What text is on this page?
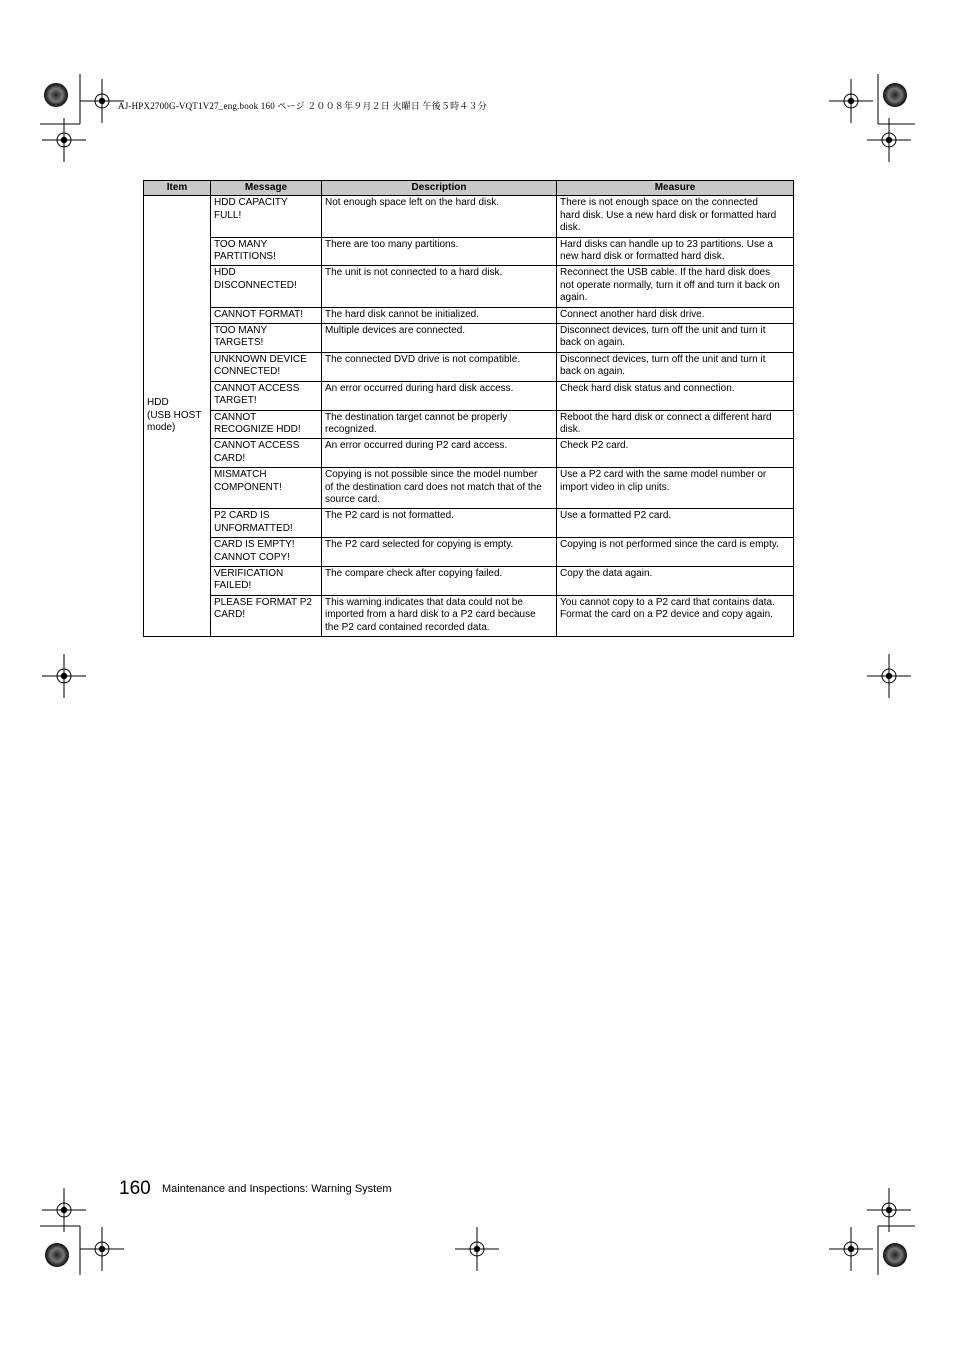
AJ-HPX2700G-VQT1V27_eng.book 160 ページ ２００８年９月２日 火曜日 午後５時４３分
Item	Message	Description	Measure
HDD
(USB HOST
mode)	HDD CAPACITY
FULL!	Not enough space left on the hard disk.	There is not enough space on the connected
hard disk. Use a new hard disk or formatted hard
disk.
	TOO MANY
PARTITIONS!	There are too many partitions.	Hard disks can handle up to 23 partitions. Use a
new hard disk or formatted hard disk.
	HDD
DISCONNECTED!	The unit is not connected to a hard disk.	Reconnect the USB cable. If the hard disk does
not operate normally, turn it off and turn it back on
again.
	CANNOT FORMAT!	The hard disk cannot be initialized.	Connect another hard disk drive.
	TOO MANY
TARGETS!	Multiple devices are connected.	Disconnect devices, turn off the unit and turn it
back on again.
	UNKNOWN DEVICE
CONNECTED!	The connected DVD drive is not compatible.	Disconnect devices, turn off the unit and turn it
back on again.
	CANNOT ACCESS
TARGET!	An error occurred during hard disk access.	Check hard disk status and connection.
	CANNOT
RECOGNIZE HDD!	The destination target cannot be properly
recognized.	Reboot the hard disk or connect a different hard
disk.
	CANNOT ACCESS
CARD!	An error occurred during P2 card access.	Check P2 card.
	MISMATCH
COMPONENT!	Copying is not possible since the model number
of the destination card does not match that of the
source card.	Use a P2 card with the same model number or
import video in clip units.
	P2 CARD IS
UNFORMATTED!	The P2 card is not formatted.	Use a formatted P2 card.
	CARD IS EMPTY!
CANNOT COPY!	The P2 card selected for copying is empty.	Copying is not performed since the card is empty.
	VERIFICATION
FAILED!	The compare check after copying failed.	Copy the data again.
	PLEASE FORMAT P2
CARD!	This warning indicates that data could not be
imported from a hard disk to a P2 card because
the P2 card contained recorded data.	You cannot copy to a P2 card that contains data.
Format the card on a P2 device and copy again.
160 Maintenance and Inspections: Warning System
